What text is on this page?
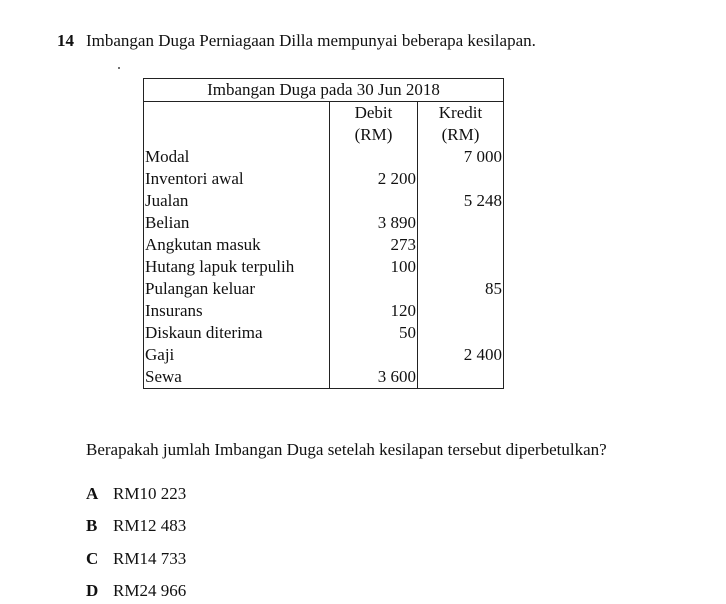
14 Imbangan Duga Perniagaan Dilla mempunyai beberapa kesilapan.
Imbangan Duga pada 30 Jun 2018		
	Debit	Kredit
	(RM)	(RM)
Modal		7 000
Inventori awal	2 200	
Jualan		5 248
Belian	3 890	
Angkutan masuk	273	
Hutang lapuk terpulih	100	
Pulangan keluar		85
Insurans	120	
Diskaun diterima	50	
Gaji		2 400
Sewa	3 600	
Berapakah jumlah Imbangan Duga setelah kesilapan tersebut diperbetulkan?
A RM10 223
B RM12 483
C RM14 733
D RM24 966
